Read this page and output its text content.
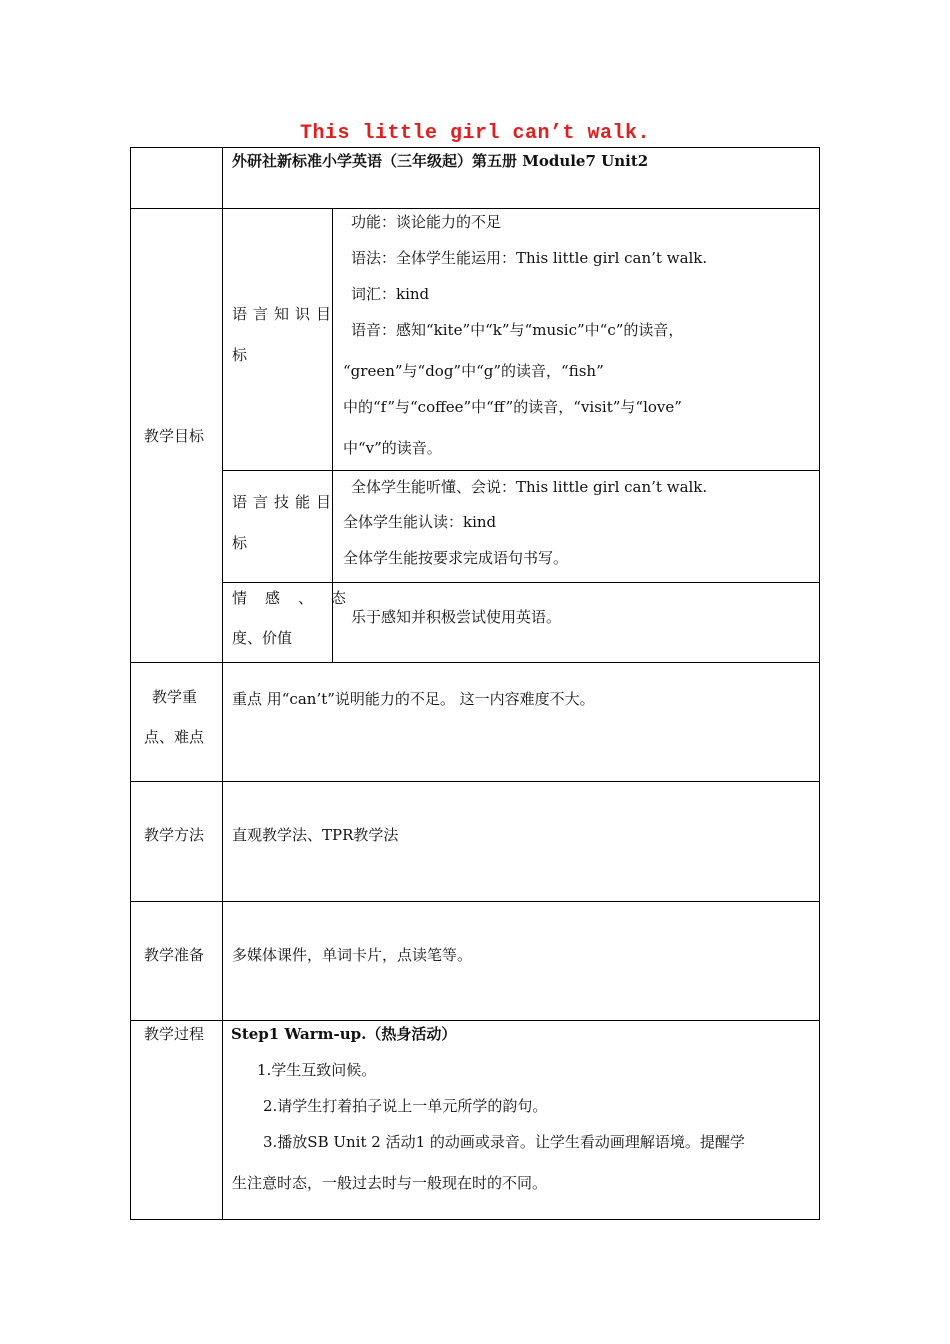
This little girl can’t walk.
外研社新标准小学英语（三年级起）第五册 Module7 Unit2
教学目标
语言知识目
标
功能：谈论能力的不足
语法：全体学生能运用：This little girl can’t walk.
词汇：kind
语音：感知“kite”中“k”与“music”中“c”的读音，
“green”与“dog”中“g”的读音，“fish”
中的“f”与“coffee”中“ff”的读音，“visit”与“love”
中“v”的读音。
语言技能目
标
全体学生能听懂、会说：This little girl can’t walk.
全体学生能认读：kind
全体学生能按要求完成语句书写。
情感、态
度、价值
乐于感知并积极尝试使用英语。
教学重
点、难点
重点 用“can’t”说明能力的不足。 这一内容难度不大。
教学方法 直观教学法、TPR教学法
教学准备 多媒体课件，单词卡片，点读笔等。
教学过程 Step1 Warm-up.（热身活动）
1.学生互致问候。
2.请学生打着拍子说上一单元所学的韵句。
3.播放SB Unit 2 活动1 的动画或录音。让学生看动画理解语境。提醒学
生注意时态，一般过去时与一般现在时的不同。
